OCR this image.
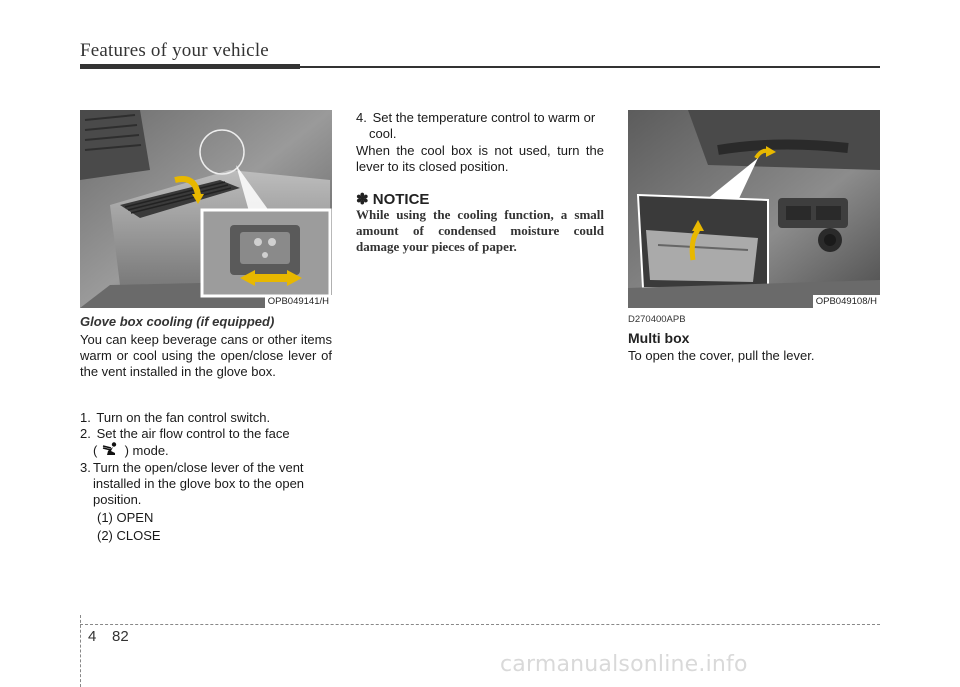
Features of your vehicle
OPB049141/H
Glove box cooling (if equipped)
You can keep beverage cans or other items warm or cool using the open/close lever of the vent installed in the glove box.
1. Turn on the fan control switch.
2. Set the air flow control to the face
( ) mode.
3. Turn the open/close lever of the vent installed in the glove box to the open position.
(1) OPEN
(2) CLOSE
4. Set the temperature control to warm or
cool.
When the cool box is not used, turn the lever to its closed position.
✽ NOTICE
While using the cooling function, a small amount of condensed moisture could damage your pieces of paper.
OPB049108/H
D270400APB
Multi box
To open the cover, pull the lever.
4 82
carmanualsonline.info
